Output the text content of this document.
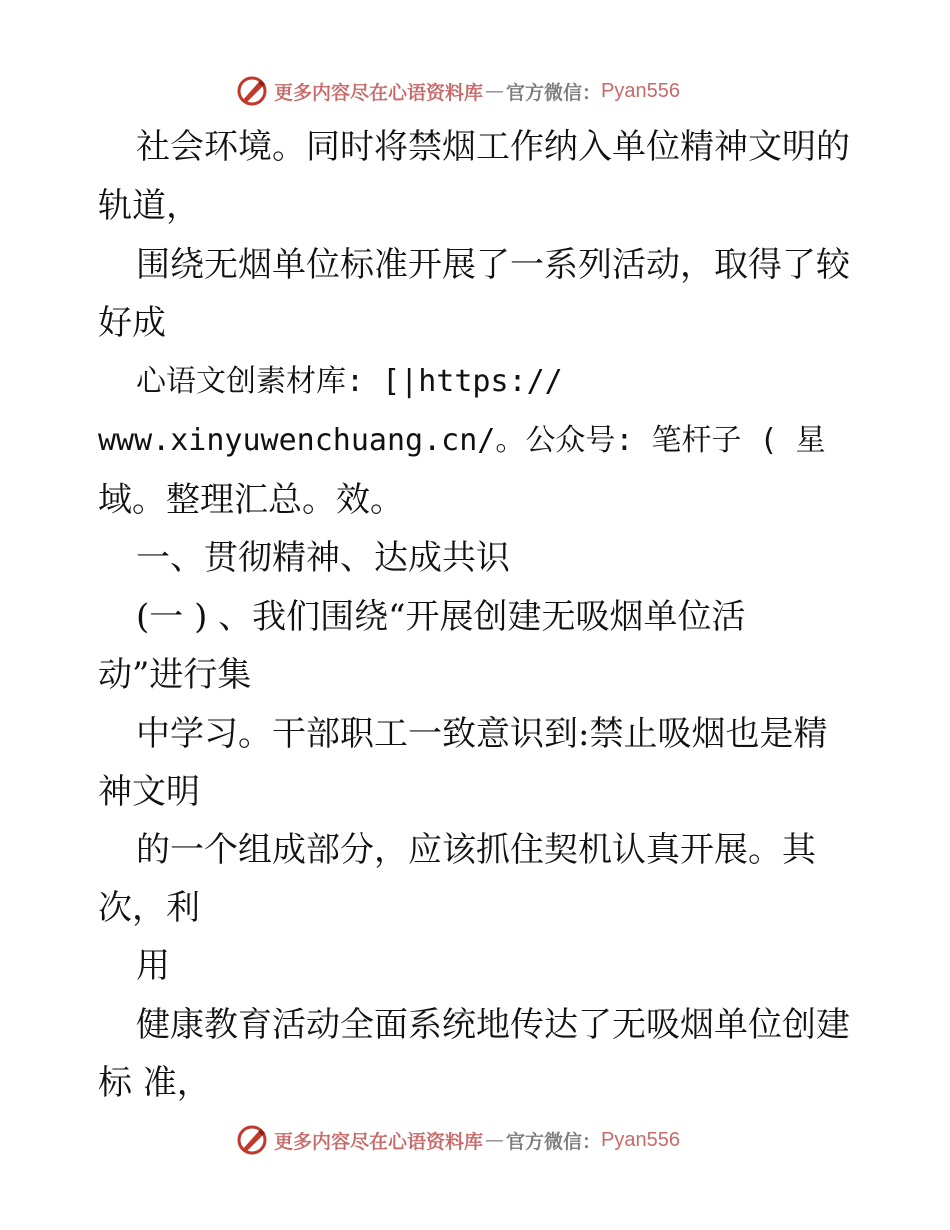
更多内容尽在心语资料库 — 官方微信： Pyan556

社会环境。同时将禁烟工作纳入单位精神文明的

轨道，

围绕无烟单位标准开展了一系列活动，取得了较

好成

心语文创素材库: [|https://

www.xinyuwenchuang.cn/。公众号: 笔杆子 ( 星

域。整理汇总。效。

一、贯彻精神、达成共识

(一 ) 、我们围绕“开展创建无吸烟单位活

动”进行集

中学习。干部职工一致意识到:禁止吸烟也是精

神文明

的一个组成部分，应该抓住契机认真开展。其

次，利

用

健康教育活动全面系统地传达了无吸烟单位创建

标 准，

更多内容尽在心语资料库 — 官方微信： Pyan556
